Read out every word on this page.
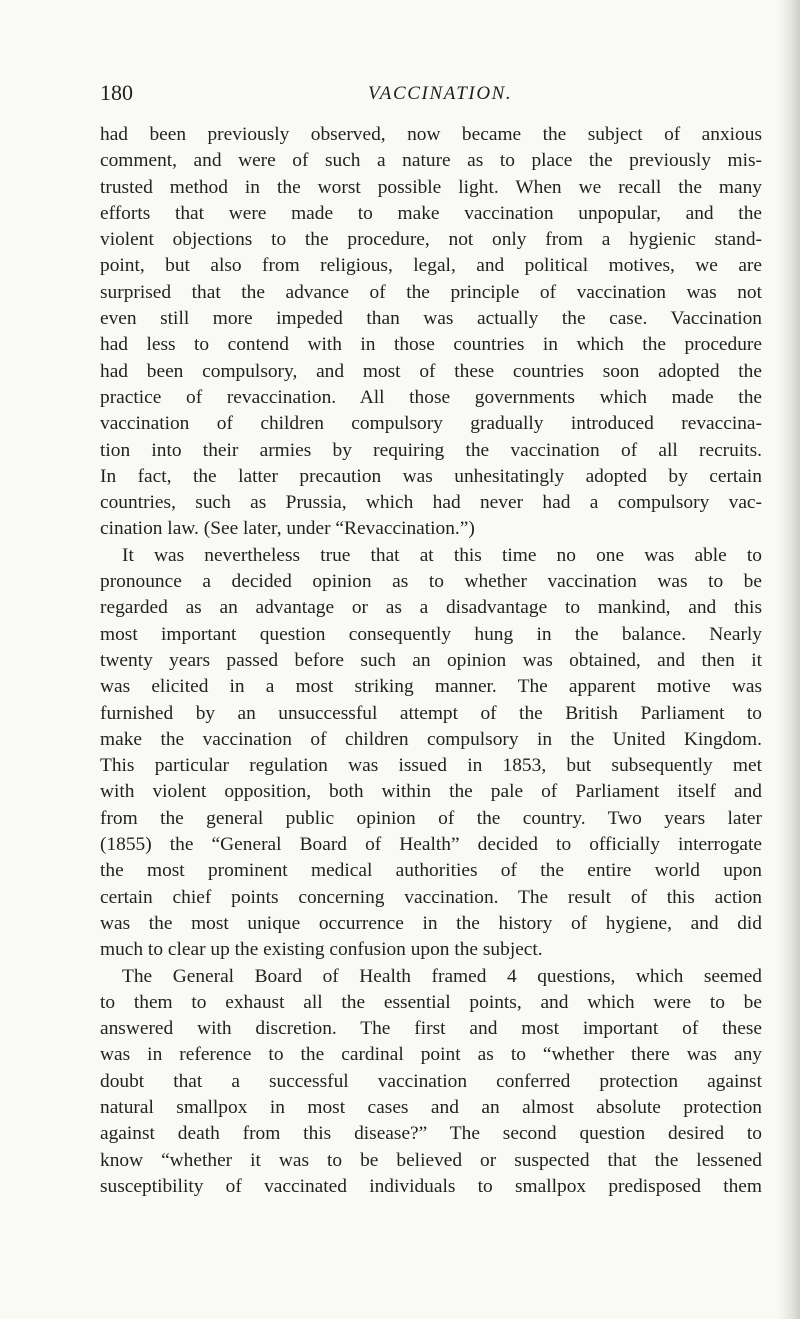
180	VACCINATION.
had been previously observed, now became the subject of anxious
comment, and were of such a nature as to place the previously mis-
trusted method in the worst possible light. When we recall the many
efforts that were made to make vaccination unpopular, and the
violent objections to the procedure, not only from a hygienic stand-
point, but also from religious, legal, and political motives, we are
surprised that the advance of the principle of vaccination was not
even still more impeded than was actually the case. Vaccination
had less to contend with in those countries in which the procedure
had been compulsory, and most of these countries soon adopted the
practice of revaccination. All those governments which made the
vaccination of children compulsory gradually introduced revaccina-
tion into their armies by requiring the vaccination of all recruits.
In fact, the latter precaution was unhesitatingly adopted by certain
countries, such as Prussia, which had never had a compulsory vac-
cination law. (See later, under “Revaccination.”)
It was nevertheless true that at this time no one was able to
pronounce a decided opinion as to whether vaccination was to be
regarded as an advantage or as a disadvantage to mankind, and this
most important question consequently hung in the balance. Nearly
twenty years passed before such an opinion was obtained, and then it
was elicited in a most striking manner. The apparent motive was
furnished by an unsuccessful attempt of the British Parliament to
make the vaccination of children compulsory in the United Kingdom.
This particular regulation was issued in 1853, but subsequently met
with violent opposition, both within the pale of Parliament itself and
from the general public opinion of the country. Two years later
(1855) the “General Board of Health” decided to officially interrogate
the most prominent medical authorities of the entire world upon
certain chief points concerning vaccination. The result of this action
was the most unique occurrence in the history of hygiene, and did
much to clear up the existing confusion upon the subject.
The General Board of Health framed 4 questions, which seemed
to them to exhaust all the essential points, and which were to be
answered with discretion. The first and most important of these
was in reference to the cardinal point as to “whether there was any
doubt that a successful vaccination conferred protection against
natural smallpox in most cases and an almost absolute protection
against death from this disease?” The second question desired to
know “whether it was to be believed or suspected that the lessened
susceptibility of vaccinated individuals to smallpox predisposed them
